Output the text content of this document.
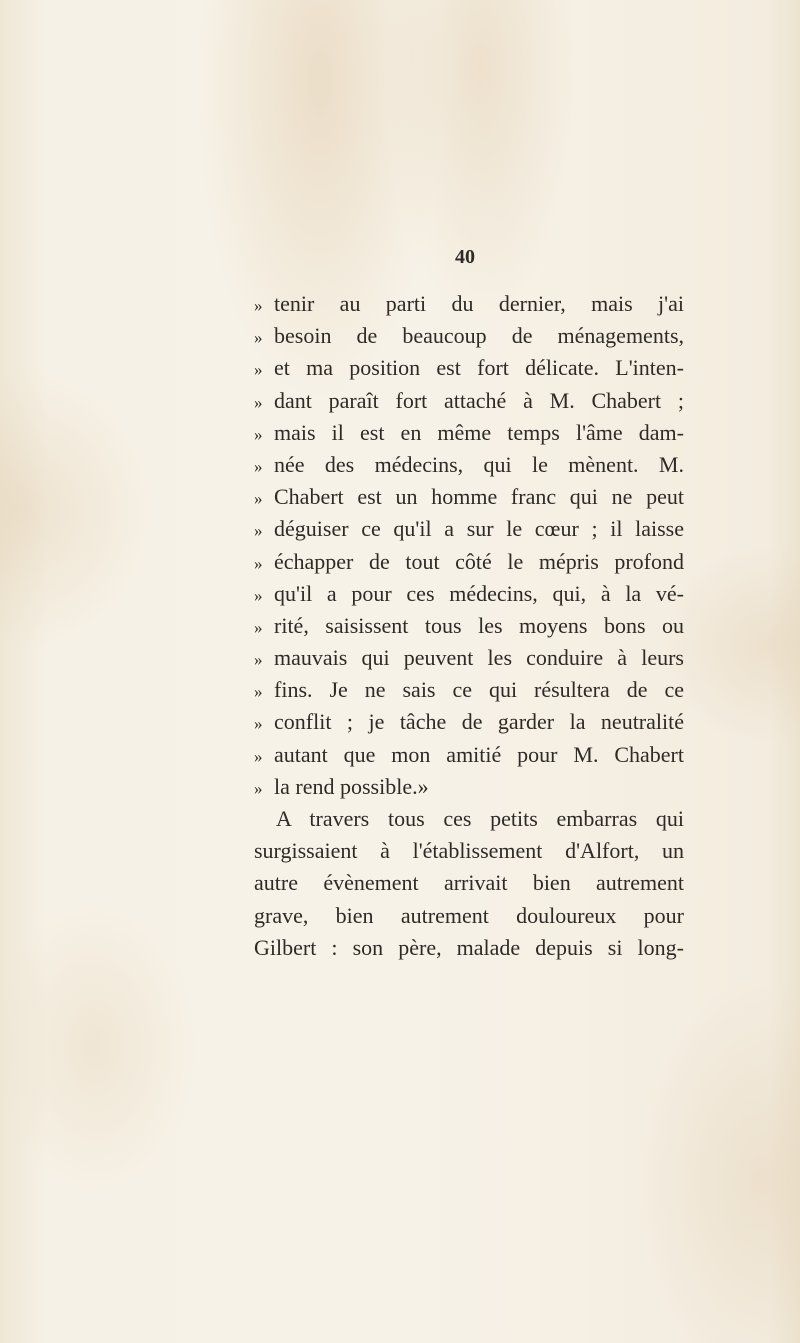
40
» tenir au parti du dernier, mais j'ai
» besoin de beaucoup de ménagements,
» et ma position est fort délicate. L'inten-
» dant paraît fort attaché à M. Chabert ;
» mais il est en même temps l'âme dam-
» née des médecins, qui le mènent. M.
» Chabert est un homme franc qui ne peut
» déguiser ce qu'il a sur le cœur ; il laisse
» échapper de tout côté le mépris profond
» qu'il a pour ces médecins, qui, à la vé-
» rité, saisissent tous les moyens bons ou
» mauvais qui peuvent les conduire à leurs
» fins. Je ne sais ce qui résultera de ce
» conflit ; je tâche de garder la neutralité
» autant que mon amitié pour M. Chabert
» la rend possible.»
A travers tous ces petits embarras qui
surgissaient à l'établissement d'Alfort, un
autre évènement arrivait bien autrement
grave, bien autrement douloureux pour
Gilbert : son père, malade depuis si long-
